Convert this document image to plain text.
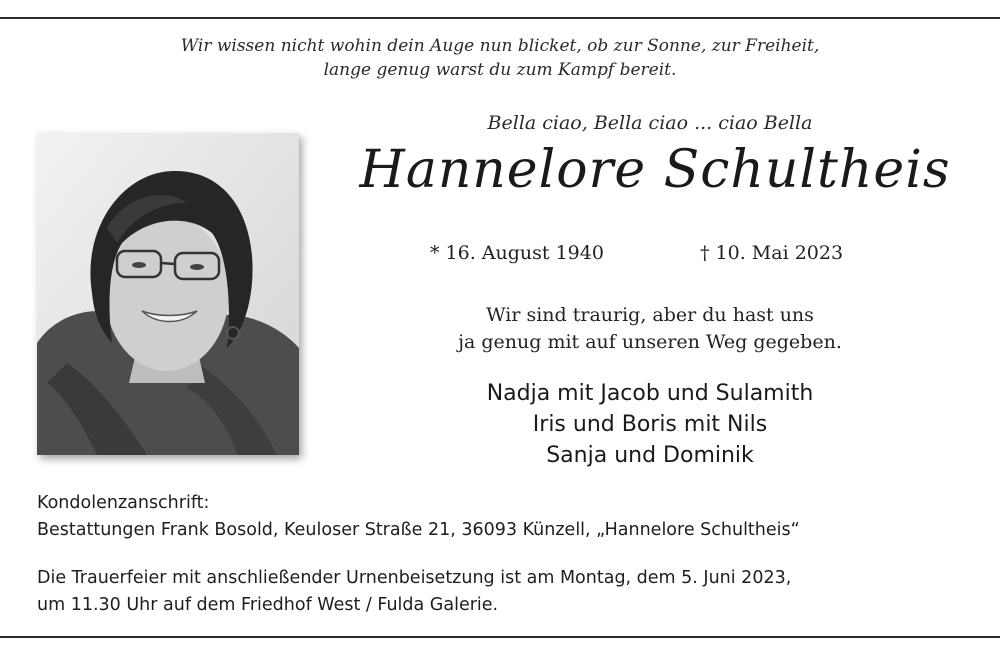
Wir wissen nicht wohin dein Auge nun blicket, ob zur Sonne, zur Freiheit,
lange genug warst du zum Kampf bereit.
Bella ciao, Bella ciao ... ciao Bella
Hannelore Schultheis
* 16. August 1940	† 10. Mai 2023
Wir sind traurig, aber du hast uns
ja genug mit auf unseren Weg gegeben.
Nadja mit Jacob und Sulamith
Iris und Boris mit Nils
Sanja und Dominik
Kondolenzanschrift:
Bestattungen Frank Bosold, Keuloser Straße 21, 36093 Künzell, „Hannelore Schultheis“
Die Trauerfeier mit anschließender Urnenbeisetzung ist am Montag, dem 5. Juni 2023,
um 11.30 Uhr auf dem Friedhof West / Fulda Galerie.
